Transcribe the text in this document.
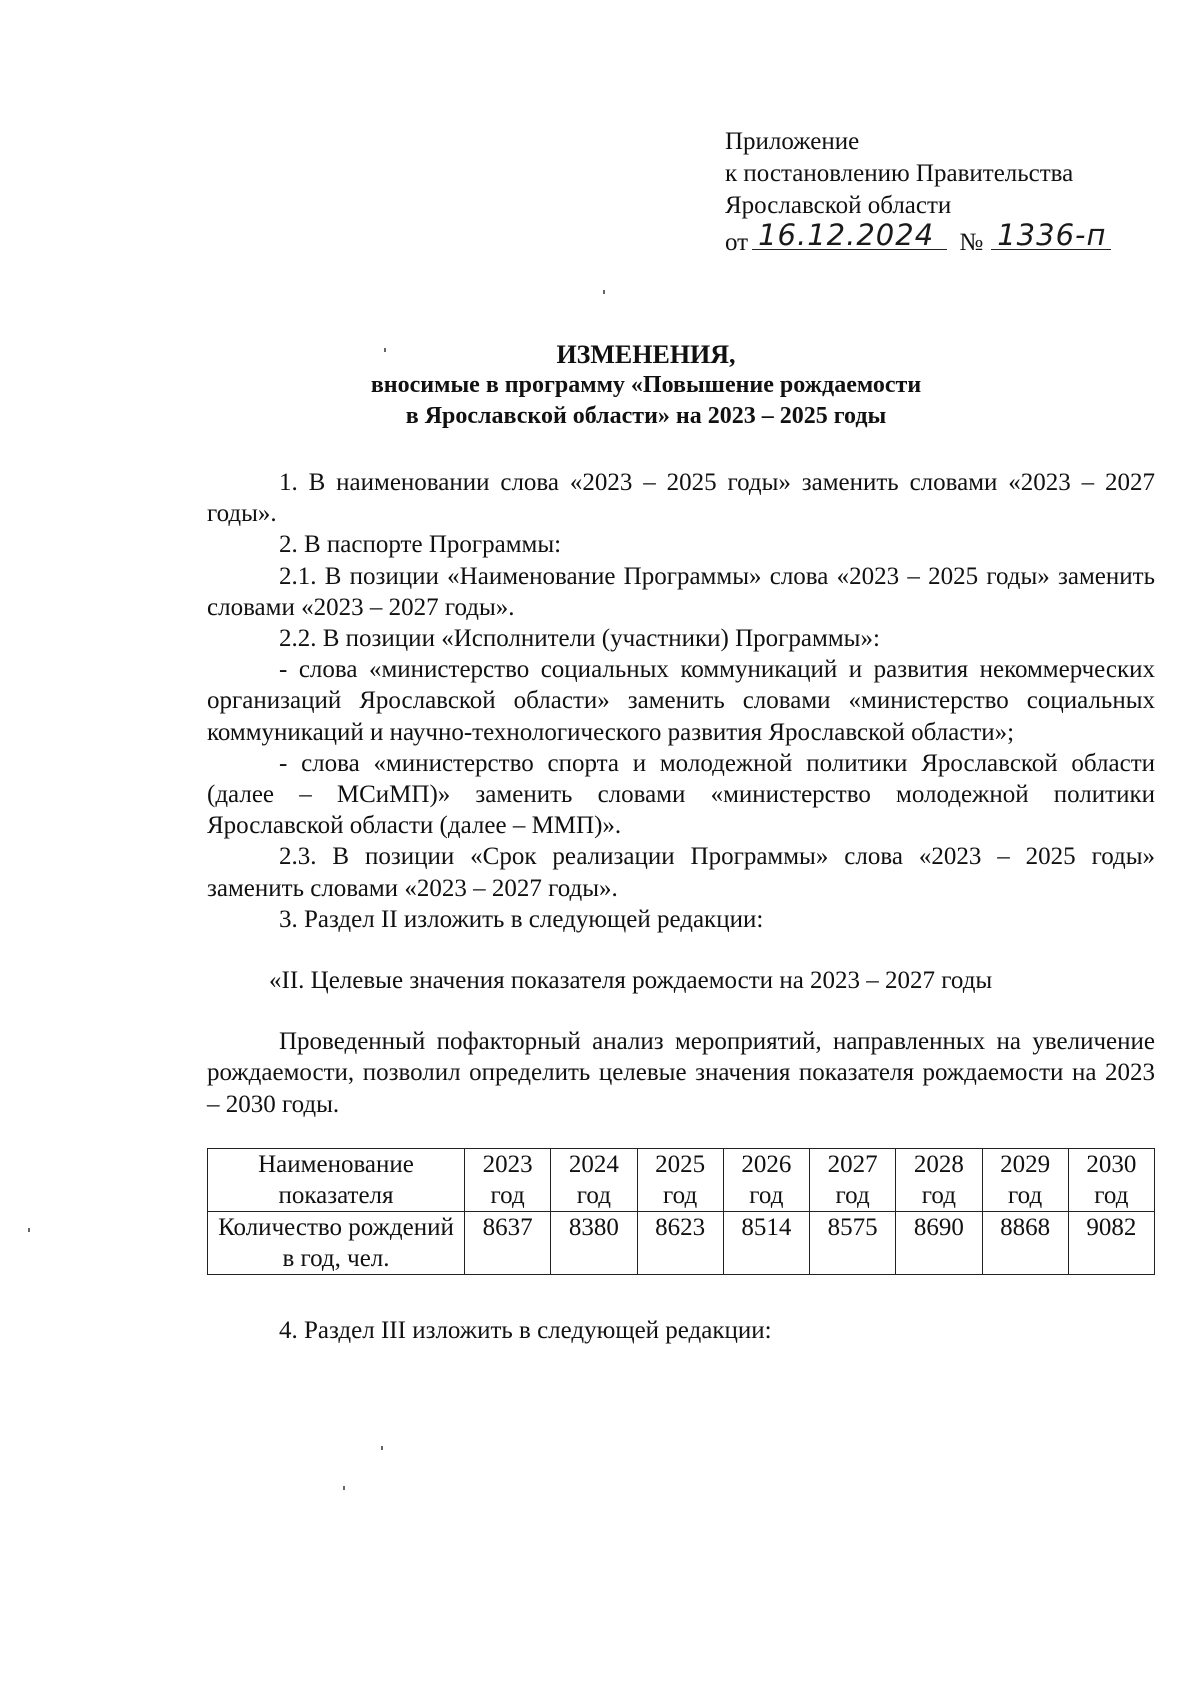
Приложение
к постановлению Правительства
Ярославской области
от 16.12.2024 № 1336-п
ИЗМЕНЕНИЯ,
вносимые в программу «Повышение рождаемости
в Ярославской области» на 2023 – 2025 годы

1. В наименовании слова «2023 – 2025 годы» заменить словами «2023 – 2027 годы».

2. В паспорте Программы:

2.1. В позиции «Наименование Программы» слова «2023 – 2025 годы» заменить словами «2023 – 2027 годы».

2.2. В позиции «Исполнители (участники) Программы»:

- слова «министерство социальных коммуникаций и развития некоммерческих организаций Ярославской области» заменить словами «министерство социальных коммуникаций и научно-технологического развития Ярославской области»;

- слова «министерство спорта и молодежной политики Ярославской области (далее – МСиМП)» заменить словами «министерство молодежной политики Ярославской области (далее – ММП)».

2.3. В позиции «Срок реализации Программы» слова «2023 – 2025 годы» заменить словами «2023 – 2027 годы».

3. Раздел II изложить в следующей редакции:

«II. Целевые значения показателя рождаемости на 2023 – 2027 годы

Проведенный пофакторный анализ мероприятий, направленных на увеличение рождаемости, позволил определить целевые значения показателя рождаемости на 2023 – 2030 годы.

Наименование показателя	2023 год	2024 год	2025 год	2026 год	2027 год	2028 год	2029 год	2030 год
Количество рождений в год, чел.	8637	8380	8623	8514	8575	8690	8868	9082

4. Раздел III изложить в следующей редакции:
